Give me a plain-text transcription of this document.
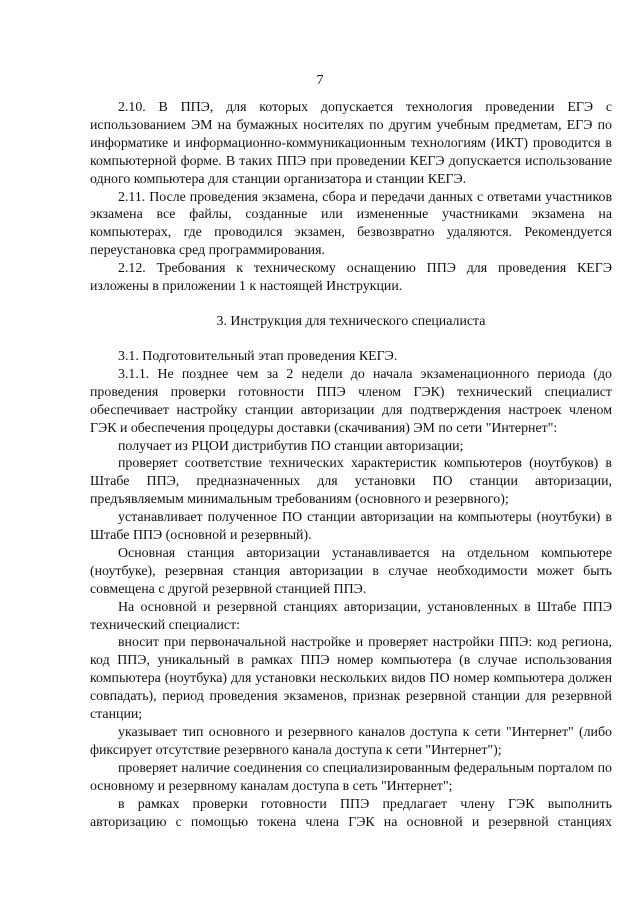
7

2.10. В ППЭ, для которых допускается технология проведении ЕГЭ с использованием ЭМ на бумажных носителях по другим учебным предметам, ЕГЭ по информатике и информационно-коммуникационным технологиям (ИКТ) проводится в компьютерной форме. В таких ППЭ при проведении КЕГЭ допускается использование одного компьютера для станции организатора и станции КЕГЭ.

2.11. После проведения экзамена, сбора и передачи данных с ответами участников экзамена все файлы, созданные или измененные участниками экзамена на компьютерах, где проводился экзамен, безвозвратно удаляются. Рекомендуется переустановка сред программирования.

2.12. Требования к техническому оснащению ППЭ для проведения КЕГЭ изложены в приложении 1 к настоящей Инструкции.

3. Инструкция для технического специалиста

3.1. Подготовительный этап проведения КЕГЭ.

3.1.1. Не позднее чем за 2 недели до начала экзаменационного периода (до проведения проверки готовности ППЭ членом ГЭК) технический специалист обеспечивает настройку станции авторизации для подтверждения настроек членом ГЭК и обеспечения процедуры доставки (скачивания) ЭМ по сети "Интернет":

получает из РЦОИ дистрибутив ПО станции авторизации;

проверяет соответствие технических характеристик компьютеров (ноутбуков) в Штабе ППЭ, предназначенных для установки ПО станции авторизации, предъявляемым минимальным требованиям (основного и резервного);

устанавливает полученное ПО станции авторизации на компьютеры (ноутбуки) в Штабе ППЭ (основной и резервный).

Основная станция авторизации устанавливается на отдельном компьютере (ноутбуке), резервная станция авторизации в случае необходимости может быть совмещена с другой резервной станцией ППЭ.

На основной и резервной станциях авторизации, установленных в Штабе ППЭ технический специалист:

вносит при первоначальной настройке и проверяет настройки ППЭ: код региона, код ППЭ, уникальный в рамках ППЭ номер компьютера (в случае использования компьютера (ноутбука) для установки нескольких видов ПО номер компьютера должен совпадать), период проведения экзаменов, признак резервной станции для резервной станции;

указывает тип основного и резервного каналов доступа к сети "Интернет" (либо фиксирует отсутствие резервного канала доступа к сети "Интернет");

проверяет наличие соединения со специализированным федеральным порталом по основному и резервному каналам доступа в сеть "Интернет";

в рамках проверки готовности ППЭ предлагает члену ГЭК выполнить авторизацию с помощью токена члена ГЭК на основной и резервной станциях
